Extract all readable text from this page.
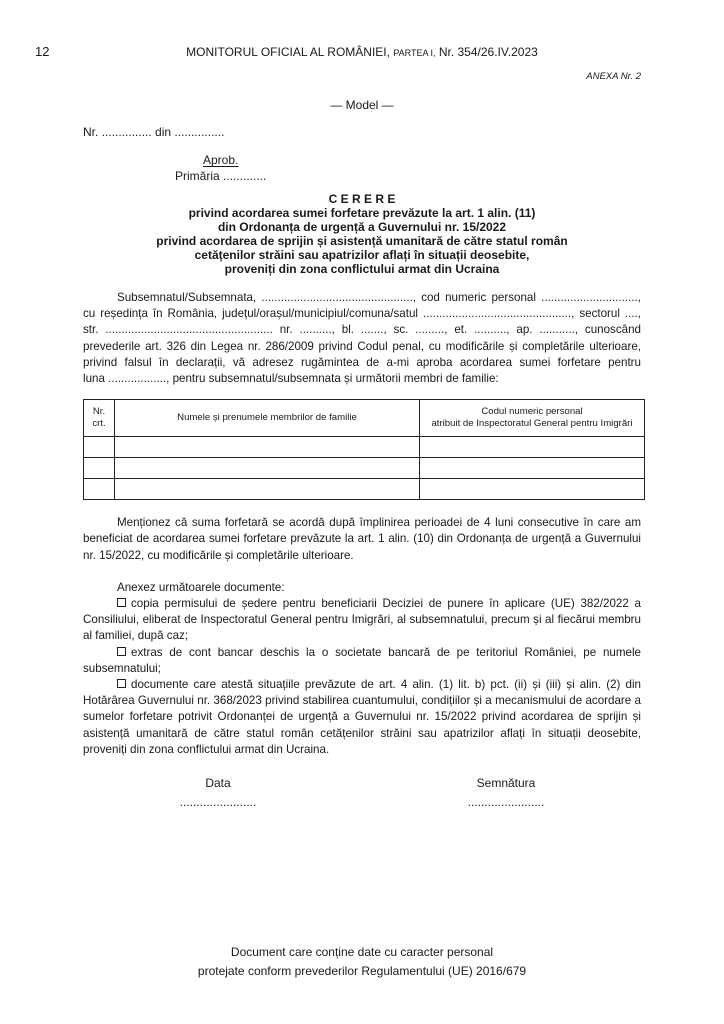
12	MONITORUL OFICIAL AL ROMÂNIEI, PARTEA I, Nr. 354/26.IV.2023
ANEXA Nr. 2
— Model —
Nr. ............... din ...............
Aprob.
Primăria .............
C E R E R E
privind acordarea sumei forfetare prevăzute la art. 1 alin. (11)
din Ordonanța de urgență a Guvernului nr. 15/2022
privind acordarea de sprijin și asistență umanitară de către statul român
cetățenilor străini sau apatrizilor aflați în situații deosebite,
proveniți din zona conflictului armat din Ucraina

Subsemnatul/Subsemnata, ..............................................., cod numeric personal .............................., cu reședința în România, județul/orașul/municipiul/comuna/satul .............................................., sectorul ...., str. .................................................... nr. .........., bl. ......., sc. ........., et. .........., ap. ..........., cunoscând prevederile art. 326 din Legea nr. 286/2009 privind Codul penal, cu modificările și completările ulterioare, privind falsul în declarații, vă adresez rugămintea de a-mi aproba acordarea sumei forfetare pentru luna .................., pentru subsemnatul/subsemnata și următorii membri de familie:

Nr.
crt.	Numele și prenumele membrilor de familie	Codul numeric personal
atribuit de Inspectoratul General pentru Imigrări

Menționez că suma forfetară se acordă după împlinirea perioadei de 4 luni consecutive în care am beneficiat de acordarea sumei forfetare prevăzute la art. 1 alin. (10) din Ordonanța de urgență a Guvernului nr. 15/2022, cu modificările și completările ulterioare.

Anexez următoarele documente:

copia permisului de ședere pentru beneficiarii Deciziei de punere în aplicare (UE) 382/2022 a Consiliului, eliberat de Inspectoratul General pentru Imigrări, al subsemnatului, precum și al fiecărui membru al familiei, după caz;

extras de cont bancar deschis la o societate bancară de pe teritoriul României, pe numele subsemnatului;

documente care atestă situațiile prevăzute de art. 4 alin. (1) lit. b) pct. (ii) și (iii) și alin. (2) din Hotărârea Guvernului nr. 368/2023 privind stabilirea cuantumului, condițiilor și a mecanismului de acordare a sumelor forfetare potrivit Ordonanței de urgență a Guvernului nr. 15/2022 privind acordarea de sprijin și asistență umanitară de către statul român cetățenilor străini sau apatrizilor aflați în situații deosebite, proveniți din zona conflictului armat din Ucraina.

Data
.......................
Semnătura
.......................
Document care conține date cu caracter personal
protejate conform prevederilor Regulamentului (UE) 2016/679
